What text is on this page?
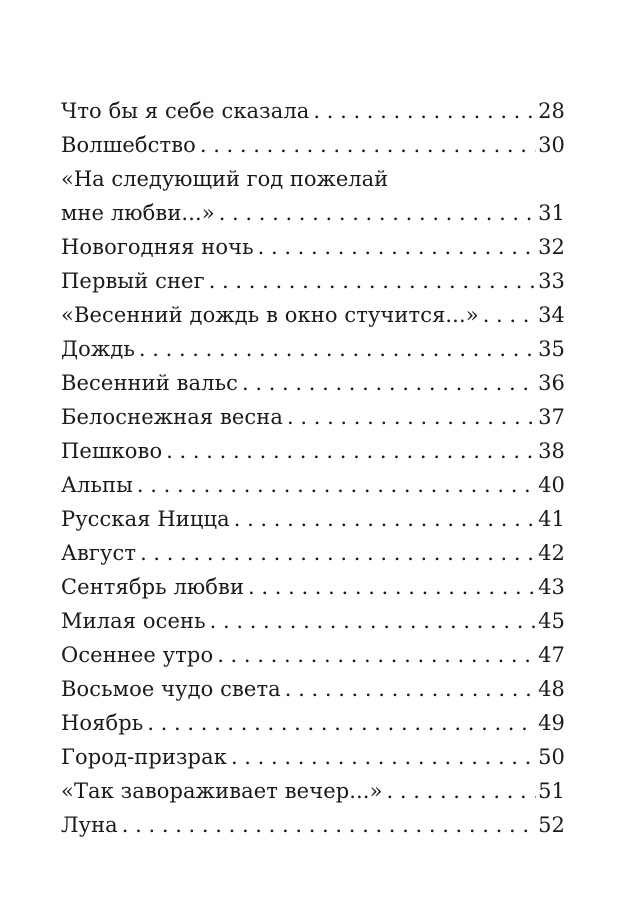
Что бы я себе сказала . . .	28
Волшебство . . .	30
«На следующий год пожелай
мне любви...» . . .	31
Новогодняя ночь . . .	32
Первый снег . . .	33
«Весенний дождь в окно стучится...» . . .	34
Дождь . . .	35
Весенний вальс . . .	36
Белоснежная весна . . .	37
Пешково . . .	38
Альпы . . .	40
Русская Ницца . . .	41
Август . . .	42
Сентябрь любви . . .	43
Милая осень . . .	45
Осеннее утро . . .	47
Восьмое чудо света . . .	48
Ноябрь . . .	49
Город-призрак . . .	50
«Так завораживает вечер...» . . .	51
Луна . . .	52
